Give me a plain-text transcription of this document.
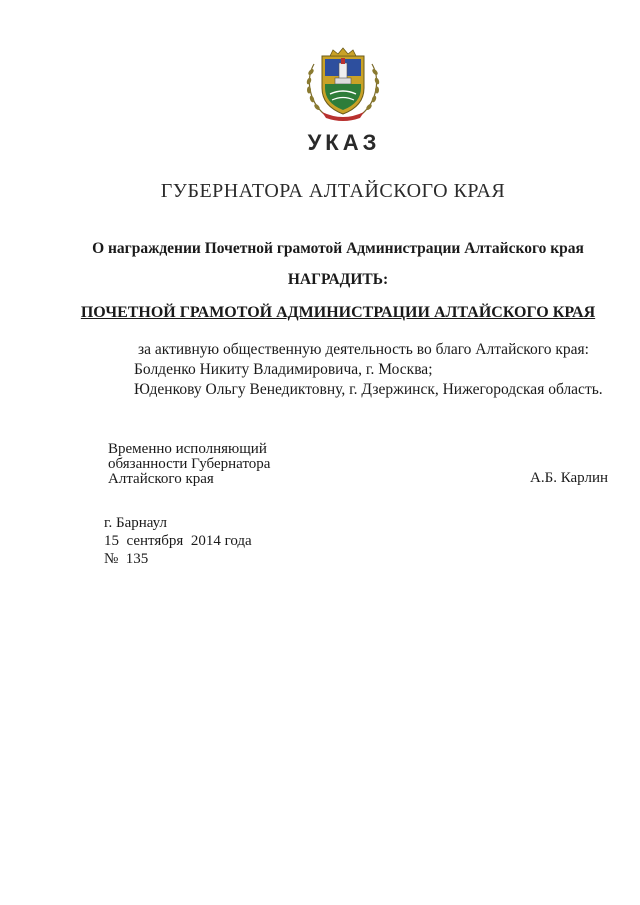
УКАЗ
ГУБЕРНАТОРА АЛТАЙСКОГО КРАЯ
О награждении Почетной грамотой Администрации Алтайского края
НАГРАДИТЬ:
ПОЧЕТНОЙ ГРАМОТОЙ АДМИНИСТРАЦИИ АЛТАЙСКОГО КРАЯ
за активную общественную деятельность во благо Алтайского края:
Болденко Никиту Владимировича, г. Москва;
Юденкову Ольгу Венедиктовну, г. Дзержинск, Нижегородская область.
Временно исполняющий
обязанности Губернатора
Алтайского края	А.Б. Карлин
г. Барнаул
15  сентября  2014 года
№  135
